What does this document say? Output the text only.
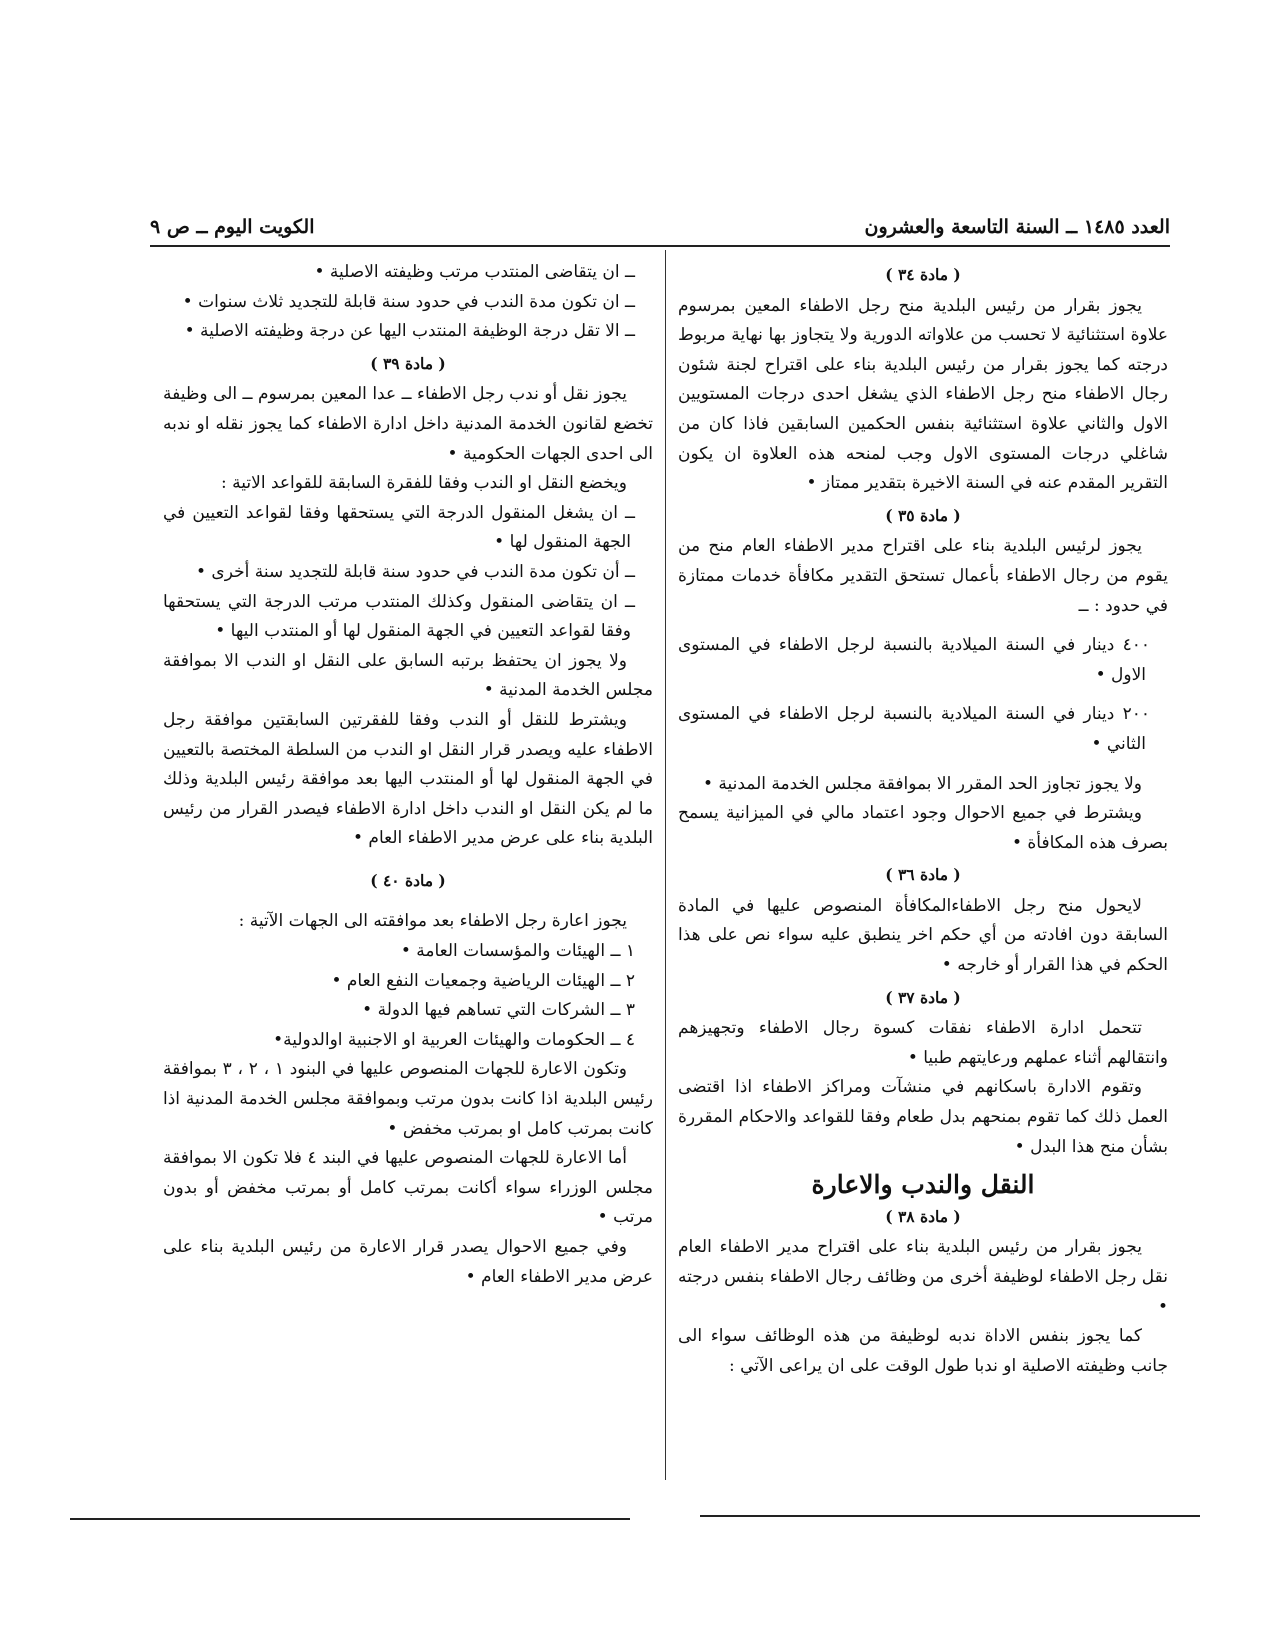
العدد ١٤٨٥ ــ السنة التاسعة والعشرون
الكويت اليوم ــ ص ٩
( مادة ٣٤ )

يجوز بقرار من رئيس البلدية منح رجل الاطفاء المعين بمرسوم علاوة استثنائية لا تحسب من علاواته الدورية ولا يتجاوز بها نهاية مربوط درجته كما يجوز بقرار من رئيس البلدية بناء على اقتراح لجنة شئون رجال الاطفاء منح رجل الاطفاء الذي يشغل احدى درجات المستويين الاول والثاني علاوة استثنائية بنفس الحكمين السابقين فاذا كان من شاغلي درجات المستوى الاول وجب لمنحه هذه العلاوة ان يكون التقرير المقدم عنه في السنة الاخيرة بتقدير ممتاز •

( مادة ٣٥ )

يجوز لرئيس البلدية بناء على اقتراح مدير الاطفاء العام منح من يقوم من رجال الاطفاء بأعمال تستحق التقدير مكافأة خدمات ممتازة في حدود : ــ

٤٠٠ دينار في السنة الميلادية بالنسبة لرجل الاطفاء في المستوى الاول •

٢٠٠ دينار في السنة الميلادية بالنسبة لرجل الاطفاء في المستوى الثاني •

ولا يجوز تجاوز الحد المقرر الا بموافقة مجلس الخدمة المدنية •

ويشترط في جميع الاحوال وجود اعتماد مالي في الميزانية يسمح بصرف هذه المكافأة •

( مادة ٣٦ )

لايحول منح رجل الاطفاءالمكافأة المنصوص عليها في المادة السابقة دون افادته من أي حكم اخر ينطبق عليه سواء نص على هذا الحكم في هذا القرار أو خارجه •

( مادة ٣٧ )

تتحمل ادارة الاطفاء نفقات كسوة رجال الاطفاء وتجهيزهم وانتقالهم أثناء عملهم ورعايتهم طبيا •

وتقوم الادارة باسكانهم في منشآت ومراكز الاطفاء اذا اقتضى العمل ذلك كما تقوم بمنحهم بدل طعام وفقا للقواعد والاحكام المقررة بشأن منح هذا البدل •

النقل والندب والاعارة
( مادة ٣٨ )

يجوز بقرار من رئيس البلدية بناء على اقتراح مدير الاطفاء العام نقل رجل الاطفاء لوظيفة أخرى من وظائف رجال الاطفاء بنفس درجته •

كما يجوز بنفس الاداة ندبه لوظيفة من هذه الوظائف سواء الى جانب وظيفته الاصلية او ندبا طول الوقت على ان يراعى الآتي :

ــ ان يتقاضى المنتدب مرتب وظيفته الاصلية •

ــ ان تكون مدة الندب في حدود سنة قابلة للتجديد ثلاث سنوات •

ــ الا تقل درجة الوظيفة المنتدب اليها عن درجة وظيفته الاصلية •

( مادة ٣٩ )

يجوز نقل أو ندب رجل الاطفاء ــ عدا المعين بمرسوم ــ الى وظيفة تخضع لقانون الخدمة المدنية داخل ادارة الاطفاء كما يجوز نقله او ندبه الى احدى الجهات الحكومية •

ويخضع النقل او الندب وفقا للفقرة السابقة للقواعد الاتية :

ــ ان يشغل المنقول الدرجة التي يستحقها وفقا لقواعد التعيين في الجهة المنقول لها •

ــ أن تكون مدة الندب في حدود سنة قابلة للتجديد سنة أخرى •

ــ ان يتقاضى المنقول وكذلك المنتدب مرتب الدرجة التي يستحقها وفقا لقواعد التعيين في الجهة المنقول لها أو المنتدب اليها •

ولا يجوز ان يحتفظ برتبه السابق على النقل او الندب الا بموافقة مجلس الخدمة المدنية •

ويشترط للنقل أو الندب وفقا للفقرتين السابقتين موافقة رجل الاطفاء عليه ويصدر قرار النقل او الندب من السلطة المختصة بالتعيين في الجهة المنقول لها أو المنتدب اليها بعد موافقة رئيس البلدية وذلك ما لم يكن النقل او الندب داخل ادارة الاطفاء فيصدر القرار من رئيس البلدية بناء على عرض مدير الاطفاء العام •

( مادة ٤٠ )

يجوز اعارة رجل الاطفاء بعد موافقته الى الجهات الآتية :

١ ــ الهيئات والمؤسسات العامة •

٢ ــ الهيئات الرياضية وجمعيات النفع العام •

٣ ــ الشركات التي تساهم فيها الدولة •

٤ ــ الحكومات والهيئات العربية او الاجنبية اوالدولية•

وتكون الاعارة للجهات المنصوص عليها في البنود ١ ، ٢ ، ٣ بموافقة رئيس البلدية اذا كانت بدون مرتب وبموافقة مجلس الخدمة المدنية اذا كانت بمرتب كامل او بمرتب مخفض •

أما الاعارة للجهات المنصوص عليها في البند ٤ فلا تكون الا بموافقة مجلس الوزراء سواء أكانت بمرتب كامل أو بمرتب مخفض أو بدون مرتب •

وفي جميع الاحوال يصدر قرار الاعارة من رئيس البلدية بناء على عرض مدير الاطفاء العام •
